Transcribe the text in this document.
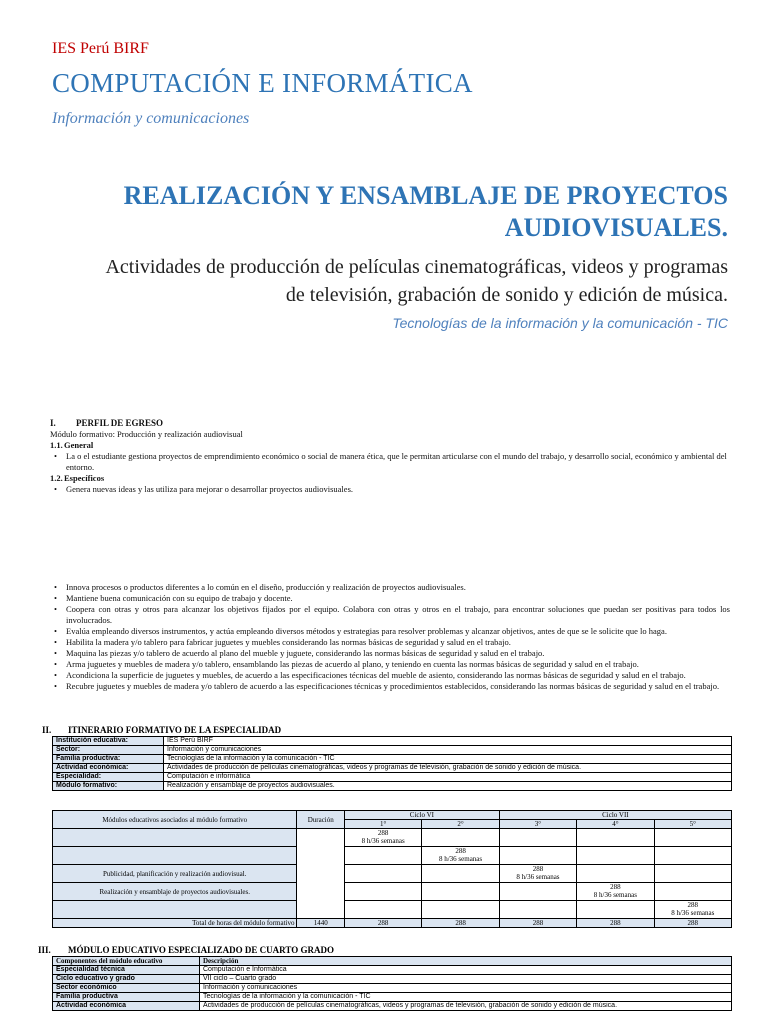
IES Perú BIRF
COMPUTACIÓN E INFORMÁTICA
Información y comunicaciones
REALIZACIÓN Y ENSAMBLAJE DE PROYECTOS AUDIOVISUALES.
Actividades de producción de películas cinematográficas, videos y programas de televisión, grabación de sonido y edición de música.
Tecnologías de la información y la comunicación - TIC
I. PERFIL DE EGRESO
Módulo formativo: Producción y realización audiovisual
1.1.General
• La o el estudiante gestiona proyectos de emprendimiento económico o social de manera ética, que le permitan articularse con el mundo del trabajo, y desarrollo social, económico y ambiental del entorno.
1.2.Específicos
• Genera nuevas ideas y las utiliza para mejorar o desarrollar proyectos audiovisuales.
• Innova procesos o productos diferentes a lo común en el diseño, producción y realización de proyectos audiovisuales.
• Mantiene buena comunicación con su equipo de trabajo y docente.
• Coopera con otras y otros para alcanzar los objetivos fijados por el equipo. Colabora con otras y otros en el trabajo, para encontrar soluciones que puedan ser positivas para todos los involucrados.
• Evalúa empleando diversos instrumentos, y actúa empleando diversos métodos y estrategias para resolver problemas y alcanzar objetivos, antes de que se le solicite que lo haga.
• Habilita la madera y/o tablero para fabricar juguetes y muebles considerando las normas básicas de seguridad y salud en el trabajo.
• Maquina las piezas y/o tablero de acuerdo al plano del mueble y juguete, considerando las normas básicas de seguridad y salud en el trabajo.
• Arma juguetes y muebles de madera y/o tablero, ensamblando las piezas de acuerdo al plano, y teniendo en cuenta las normas básicas de seguridad y salud en el trabajo.
• Acondiciona la superficie de juguetes y muebles, de acuerdo a las especificaciones técnicas del mueble de asiento, considerando las normas básicas de seguridad y salud en el trabajo.
• Recubre juguetes y muebles de madera y/o tablero de acuerdo a las especificaciones técnicas y procedimientos establecidos, considerando las normas básicas de seguridad y salud en el trabajo.
II. ITINERARIO FORMATIVO DE LA ESPECIALIDAD
Institución educativa:	IES Perú BIRF
Sector:	Información y comunicaciones
Familia productiva:	Tecnologías de la información y la comunicación - TIC
Actividad económica:	Actividades de producción de películas cinematográficas, videos y programas de televisión, grabación de sonido y edición de música.
Especialidad:	Computación e informática
Módulo formativo:	Realización y ensamblaje de proyectos audiovisuales.
Módulos educativos asociados al módulo formativo	Duración	Ciclo VI		Ciclo VII		
		1°	2°	3°	4°	5°

		288
8 h/36 semanas				

			288
8 h/36 semanas			

Publicidad, planificación y realización audiovisual.				288
8 h/36 semanas		

Realización y ensamblaje de proyectos audiovisuales.					288
8 h/36 semanas	

						288
8 h/36 semanas

Total de horas del módulo formativo	1440	288	288	288	288	288
III. MÓDULO EDUCATIVO ESPECIALIZADO DE CUARTO GRADO
Componentes del módulo educativo	Descripción
Especialidad técnica	Computación e Informática
Ciclo educativo y grado	VII ciclo – Cuarto grado
Sector económico	Información y comunicaciones
Familia productiva	Tecnologías de la información y la comunicación - TIC
Actividad económica	Actividades de producción de películas cinematográficas, videos y programas de televisión, grabación de sonido y edición de música.
